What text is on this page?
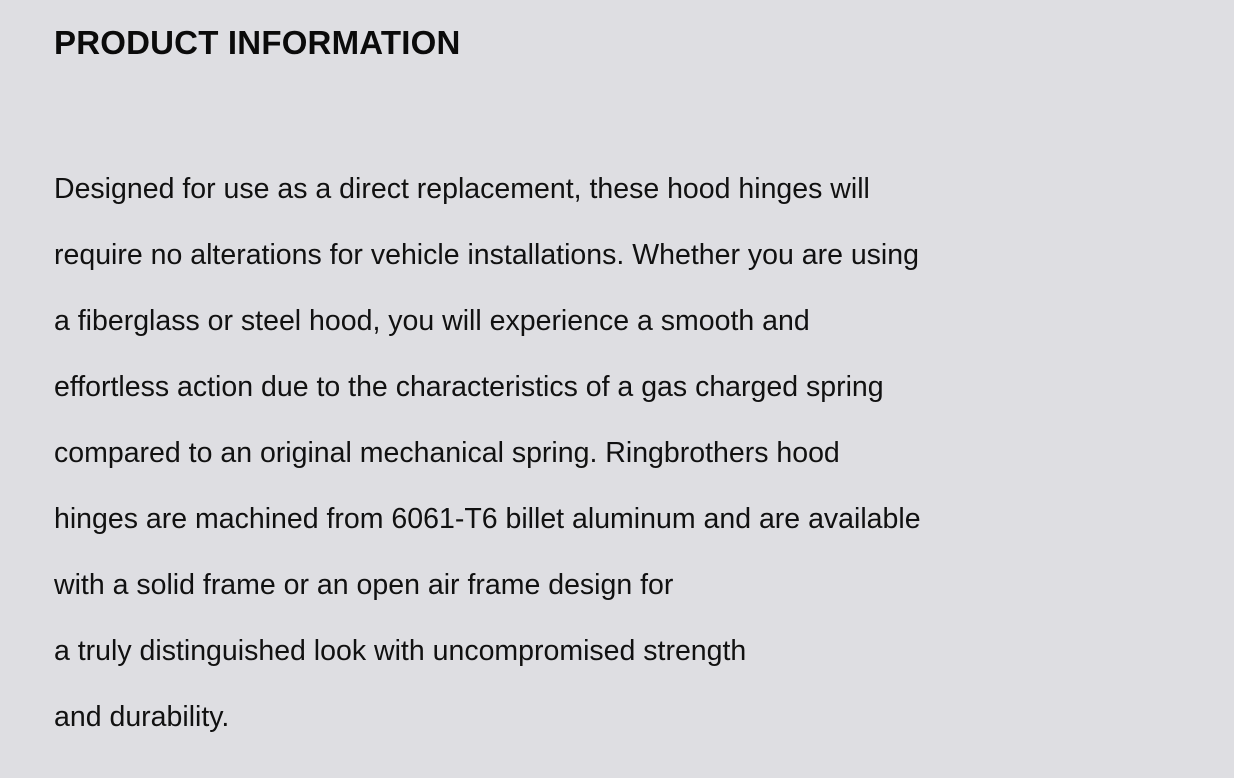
PRODUCT INFORMATION

Designed for use as a direct replacement, these hood hinges will

require no alterations for vehicle installations. Whether you are using

a fiberglass or steel hood, you will experience a smooth and

effortless action due to the characteristics of a gas charged spring

compared to an original mechanical spring. Ringbrothers hood

hinges are machined from 6061-T6 billet aluminum and are available

with a solid frame or an open air frame design for

a truly distinguished look with uncompromised strength

and durability.
